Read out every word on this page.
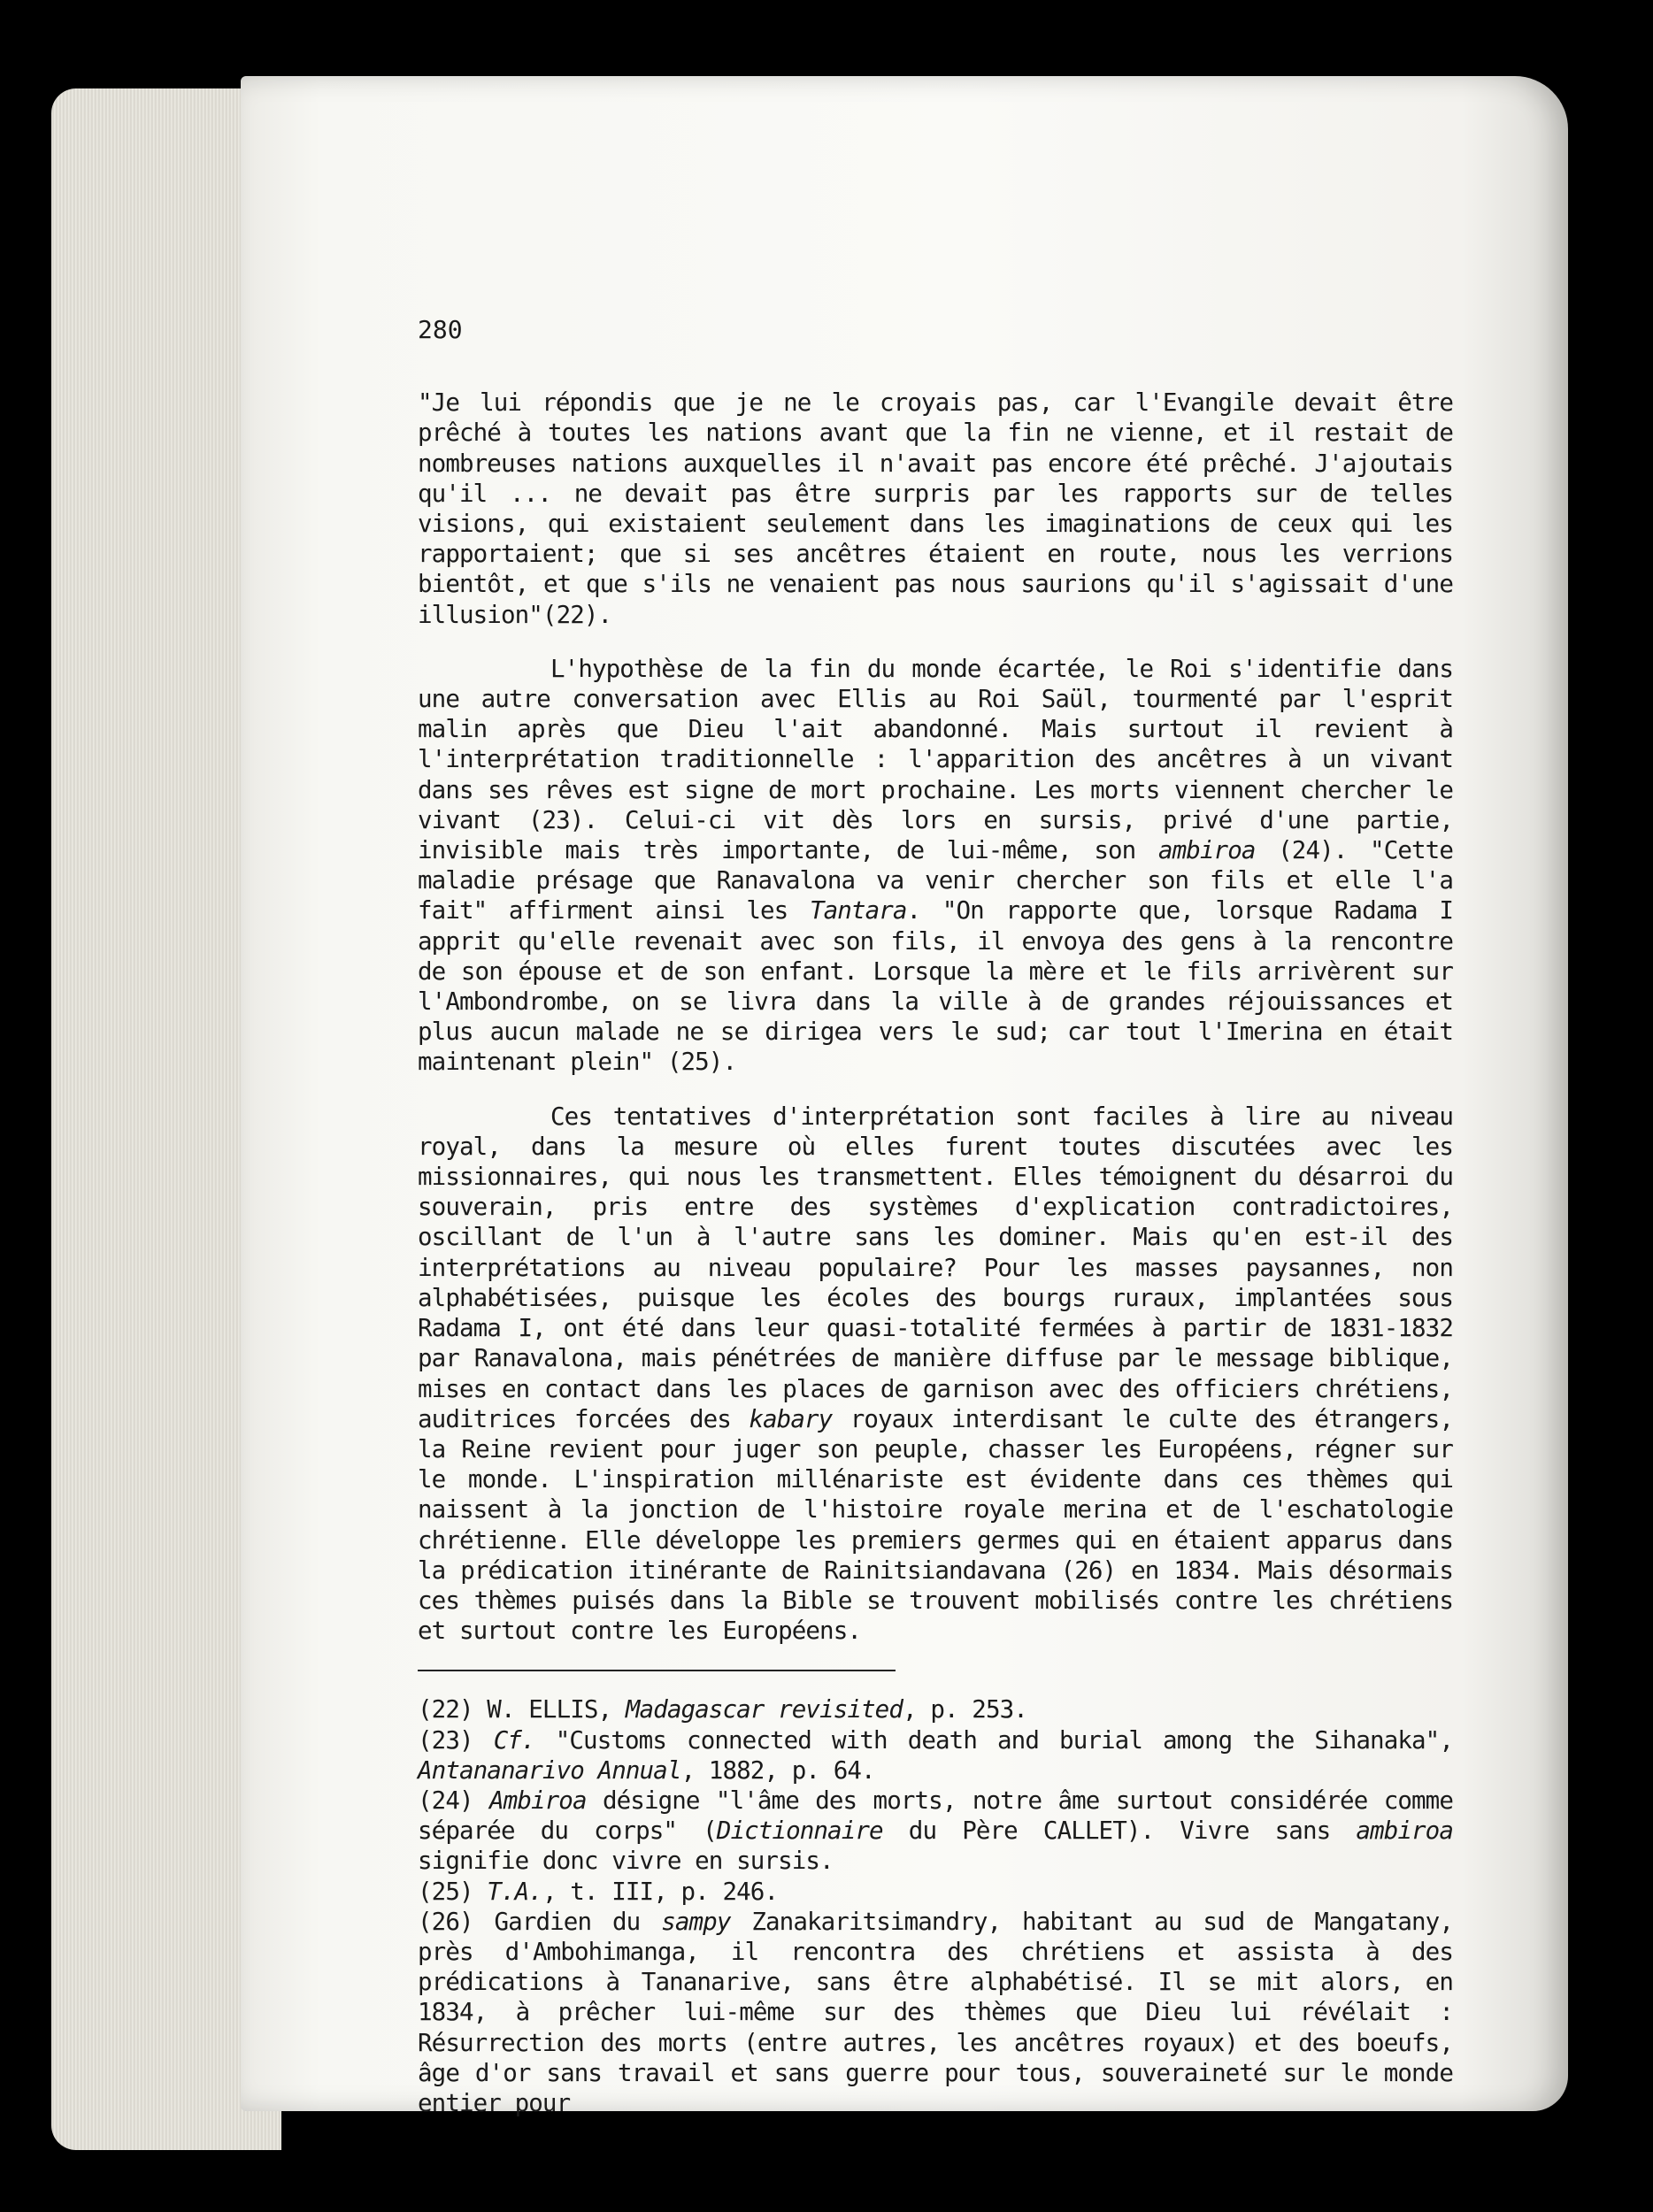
280

"Je lui répondis que je ne le croyais pas, car l'Evangile devait être prêché à toutes les nations avant que la fin ne vienne, et il restait de nombreuses nations auxquelles il n'avait pas encore été prêché. J'ajoutais qu'il ... ne devait pas être surpris par les rapports sur de telles visions, qui existaient seulement dans les imaginations de ceux qui les rapportaient; que si ses ancêtres étaient en route, nous les verrions bientôt, et que s'ils ne venaient pas nous saurions qu'il s'agissait d'une illusion"(22).

L'hypothèse de la fin du monde écartée, le Roi s'identifie dans une autre conversation avec Ellis au Roi Saül, tourmenté par l'esprit malin après que Dieu l'ait abandonné. Mais surtout il revient à l'interprétation traditionnelle : l'apparition des ancêtres à un vivant dans ses rêves est signe de mort prochaine. Les morts viennent chercher le vivant (23). Celui-ci vit dès lors en sursis, privé d'une partie, invisible mais très importante, de lui-même, son ambiroa (24). "Cette maladie présage que Ranavalona va venir chercher son fils et elle l'a fait" affirment ainsi les Tantara. "On rapporte que, lorsque Radama I apprit qu'elle revenait avec son fils, il envoya des gens à la rencontre de son épouse et de son enfant. Lorsque la mère et le fils arrivèrent sur l'Ambondrombe, on se livra dans la ville à de grandes réjouissances et plus aucun malade ne se dirigea vers le sud; car tout l'Imerina en était maintenant plein" (25).

Ces tentatives d'interprétation sont faciles à lire au niveau royal, dans la mesure où elles furent toutes discutées avec les missionnaires, qui nous les transmettent. Elles témoignent du désarroi du souverain, pris entre des systèmes d'explication contradictoires, oscillant de l'un à l'autre sans les dominer. Mais qu'en est-il des interprétations au niveau populaire? Pour les masses paysannes, non alphabétisées, puisque les écoles des bourgs ruraux, implantées sous Radama I, ont été dans leur quasi-totalité fermées à partir de 1831-1832 par Ranavalona, mais pénétrées de manière diffuse par le message biblique, mises en contact dans les places de garnison avec des officiers chrétiens, auditrices forcées des kabary royaux interdisant le culte des étrangers, la Reine revient pour juger son peuple, chasser les Européens, régner sur le monde. L'inspiration millénariste est évidente dans ces thèmes qui naissent à la jonction de l'histoire royale merina et de l'eschatologie chrétienne. Elle développe les premiers germes qui en étaient apparus dans la prédication itinérante de Rainitsiandavana (26) en 1834. Mais désormais ces thèmes puisés dans la Bible se trouvent mobilisés contre les chrétiens et surtout contre les Européens.

(22) W. ELLIS, Madagascar revisited, p. 253.

(23) Cf. "Customs connected with death and burial among the Sihanaka", Antananarivo Annual, 1882, p. 64.

(24) Ambiroa désigne "l'âme des morts, notre âme surtout considérée comme séparée du corps" (Dictionnaire du Père CALLET). Vivre sans ambiroa signifie donc vivre en sursis.

(25) T.A., t. III, p. 246.

(26) Gardien du sampy Zanakaritsimandry, habitant au sud de Mangatany, près d'Ambohimanga, il rencontra des chrétiens et assista à des prédications à Tananarive, sans être alphabétisé. Il se mit alors, en 1834, à prêcher lui-même sur des thèmes que Dieu lui révélait : Résurrection des morts (entre autres, les ancêtres royaux) et des boeufs, âge d'or sans travail et sans guerre pour tous, souveraineté sur le monde entier pour
